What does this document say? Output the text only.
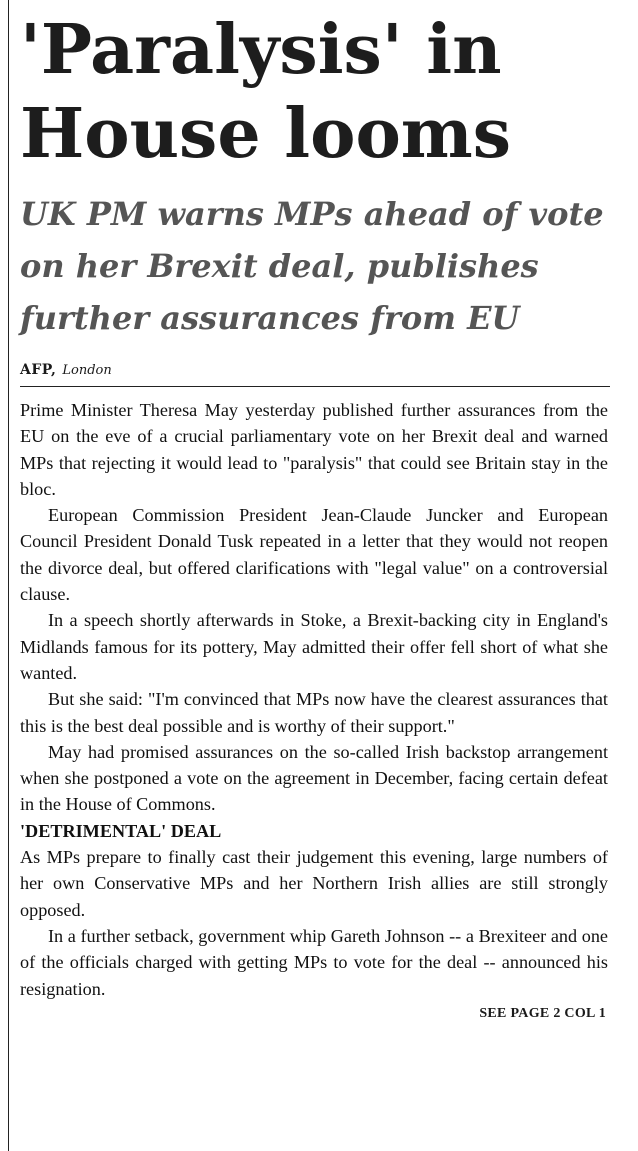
'Paralysis' in
House looms
UK PM warns MPs ahead of vote
on her Brexit deal, publishes
further assurances from EU
AFP, London

Prime Minister Theresa May yesterday published further assurances from the EU on the eve of a crucial parliamentary vote on her Brexit deal and warned MPs that rejecting it would lead to "paralysis" that could see Britain stay in the bloc.

European Commission President Jean-Claude Juncker and European Council President Donald Tusk repeated in a letter that they would not reopen the divorce deal, but offered clarifications with "legal value" on a controversial clause.

In a speech shortly afterwards in Stoke, a Brexit-backing city in England's Midlands famous for its pottery, May admitted their offer fell short of what she wanted.

But she said: "I'm convinced that MPs now have the clearest assurances that this is the best deal possible and is worthy of their support."

May had promised assurances on the so-called Irish backstop arrangement when she postponed a vote on the agreement in December, facing certain defeat in the House of Commons.

'DETRIMENTAL' DEAL

As MPs prepare to finally cast their judgement this evening, large numbers of her own Conservative MPs and her Northern Irish allies are still strongly opposed.

In a further setback, government whip Gareth Johnson -- a Brexiteer and one of the officials charged with getting MPs to vote for the deal -- announced his resignation.

SEE PAGE 2 COL 1
